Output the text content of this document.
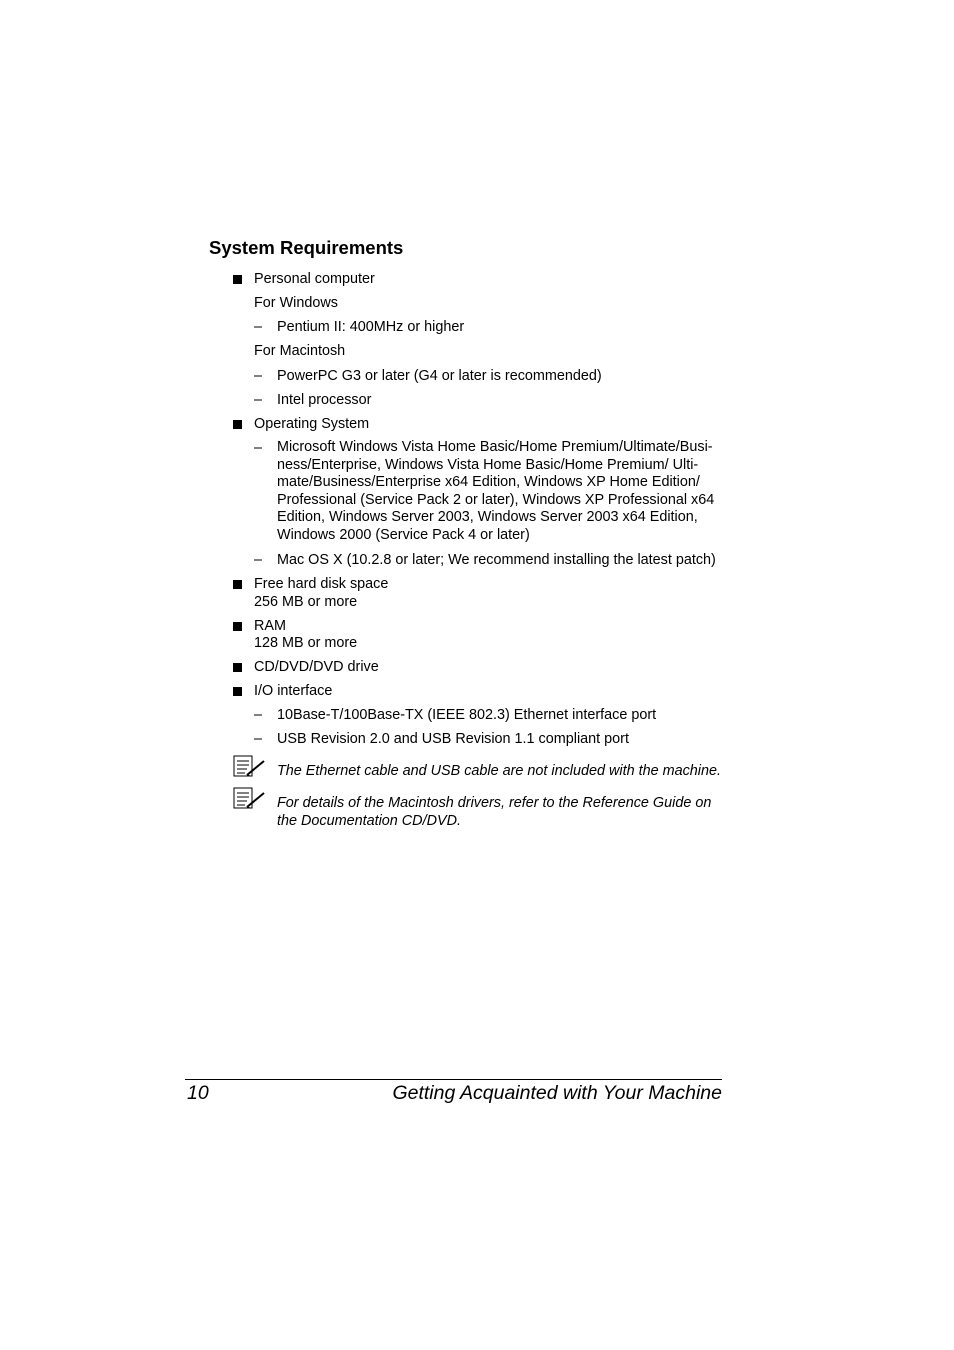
System Requirements
Personal computer
For Windows
– Pentium II: 400MHz or higher
For Macintosh
– PowerPC G3 or later (G4 or later is recommended)
– Intel processor
Operating System
– Microsoft Windows Vista Home Basic/Home Premium/Ultimate/Busi-
ness/Enterprise, Windows Vista Home Basic/Home Premium/ Ulti-
mate/Business/Enterprise x64 Edition, Windows XP Home Edition/
Professional (Service Pack 2 or later), Windows XP Professional x64
Edition, Windows Server 2003, Windows Server 2003 x64 Edition,
Windows 2000 (Service Pack 4 or later)
– Mac OS X (10.2.8 or later; We recommend installing the latest patch)
Free hard disk space
256 MB or more
RAM
128 MB or more
CD/DVD/DVD drive
I/O interface
– 10Base-T/100Base-TX (IEEE 802.3) Ethernet interface port
– USB Revision 2.0 and USB Revision 1.1 compliant port
The Ethernet cable and USB cable are not included with the machine.
For details of the Macintosh drivers, refer to the Reference Guide on
the Documentation CD/DVD.
10	Getting Acquainted with Your Machine
